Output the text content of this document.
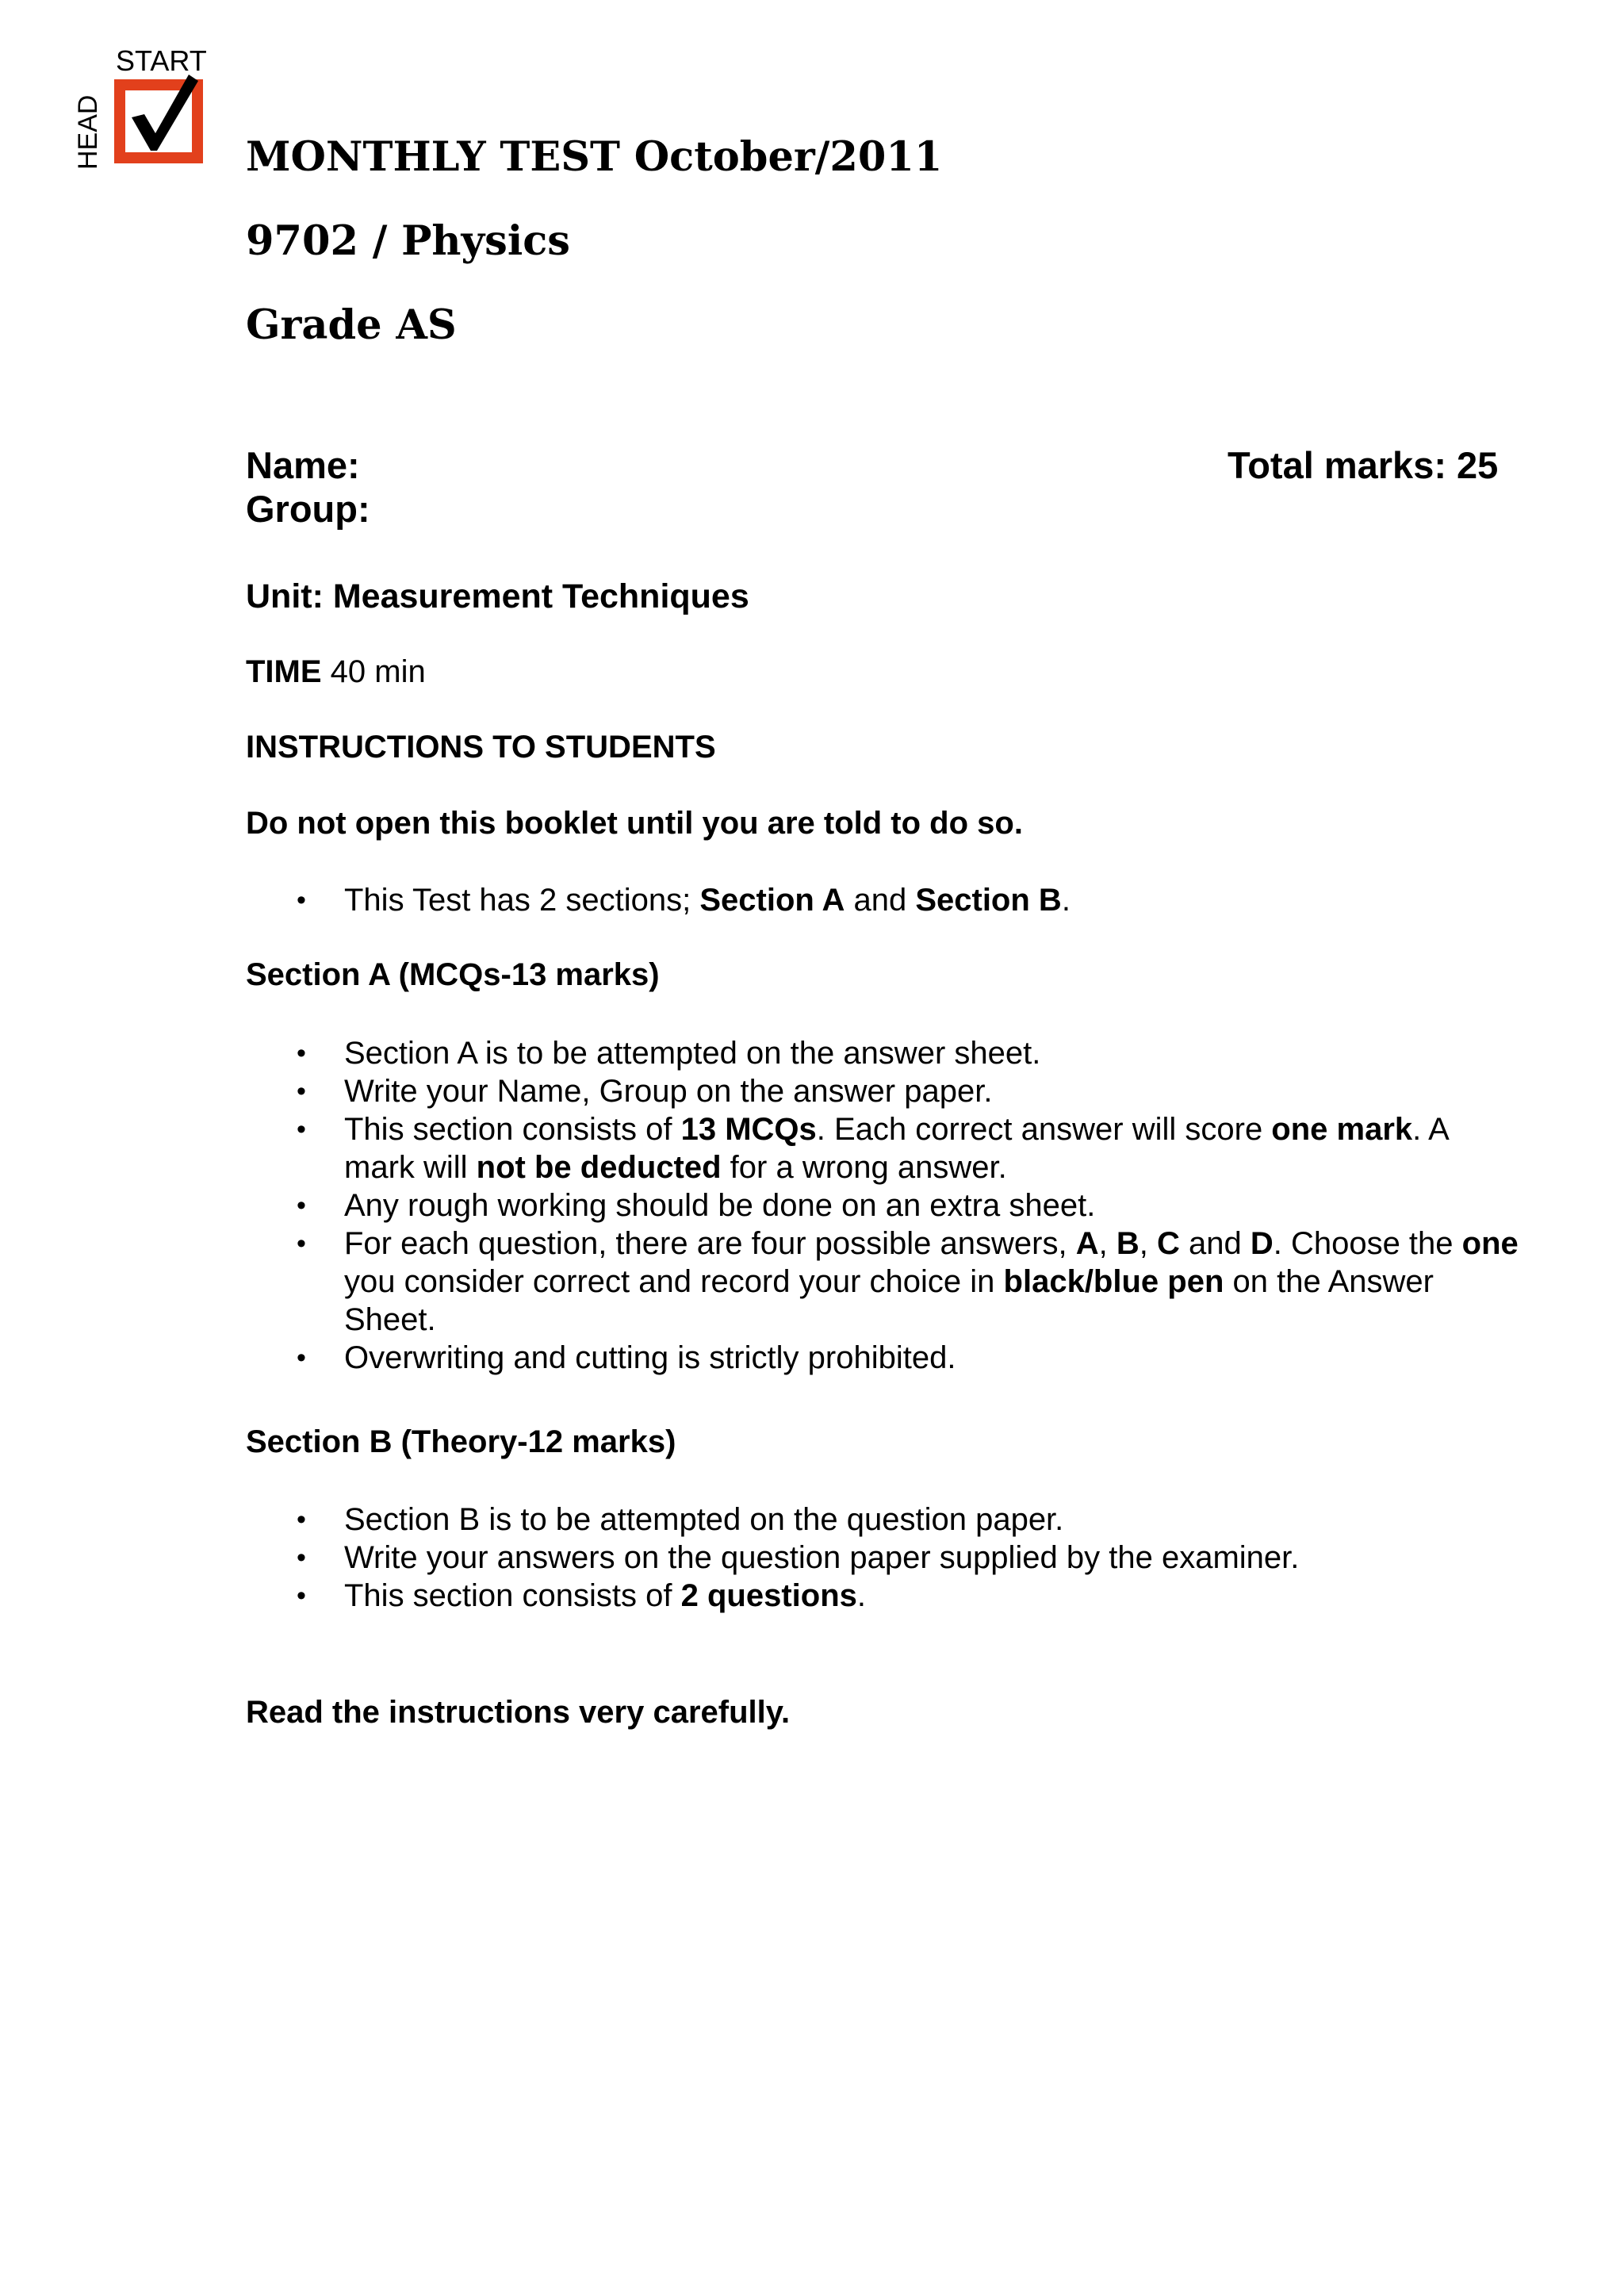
HEAD
START
MONTHLY TEST October/2011
9702 / Physics
Grade AS
Name:
Group:
Total marks: 25
Unit: Measurement Techniques
TIME 40 min
INSTRUCTIONS TO STUDENTS
Do not open this booklet until you are told to do so.
• This Test has 2 sections; Section A and Section B.
Section A (MCQs-13 marks)
• Section A is to be attempted on the answer sheet.
• Write your Name, Group on the answer paper.
• This section consists of 13 MCQs. Each correct answer will score one mark. A
mark will not be deducted for a wrong answer.
• Any rough working should be done on an extra sheet.
• For each question, there are four possible answers, A, B, C and D. Choose the one
you consider correct and record your choice in black/blue pen on the Answer
Sheet.
• Overwriting and cutting is strictly prohibited.
Section B (Theory-12 marks)
• Section B is to be attempted on the question paper.
• Write your answers on the question paper supplied by the examiner.
• This section consists of 2 questions.
Read the instructions very carefully.
